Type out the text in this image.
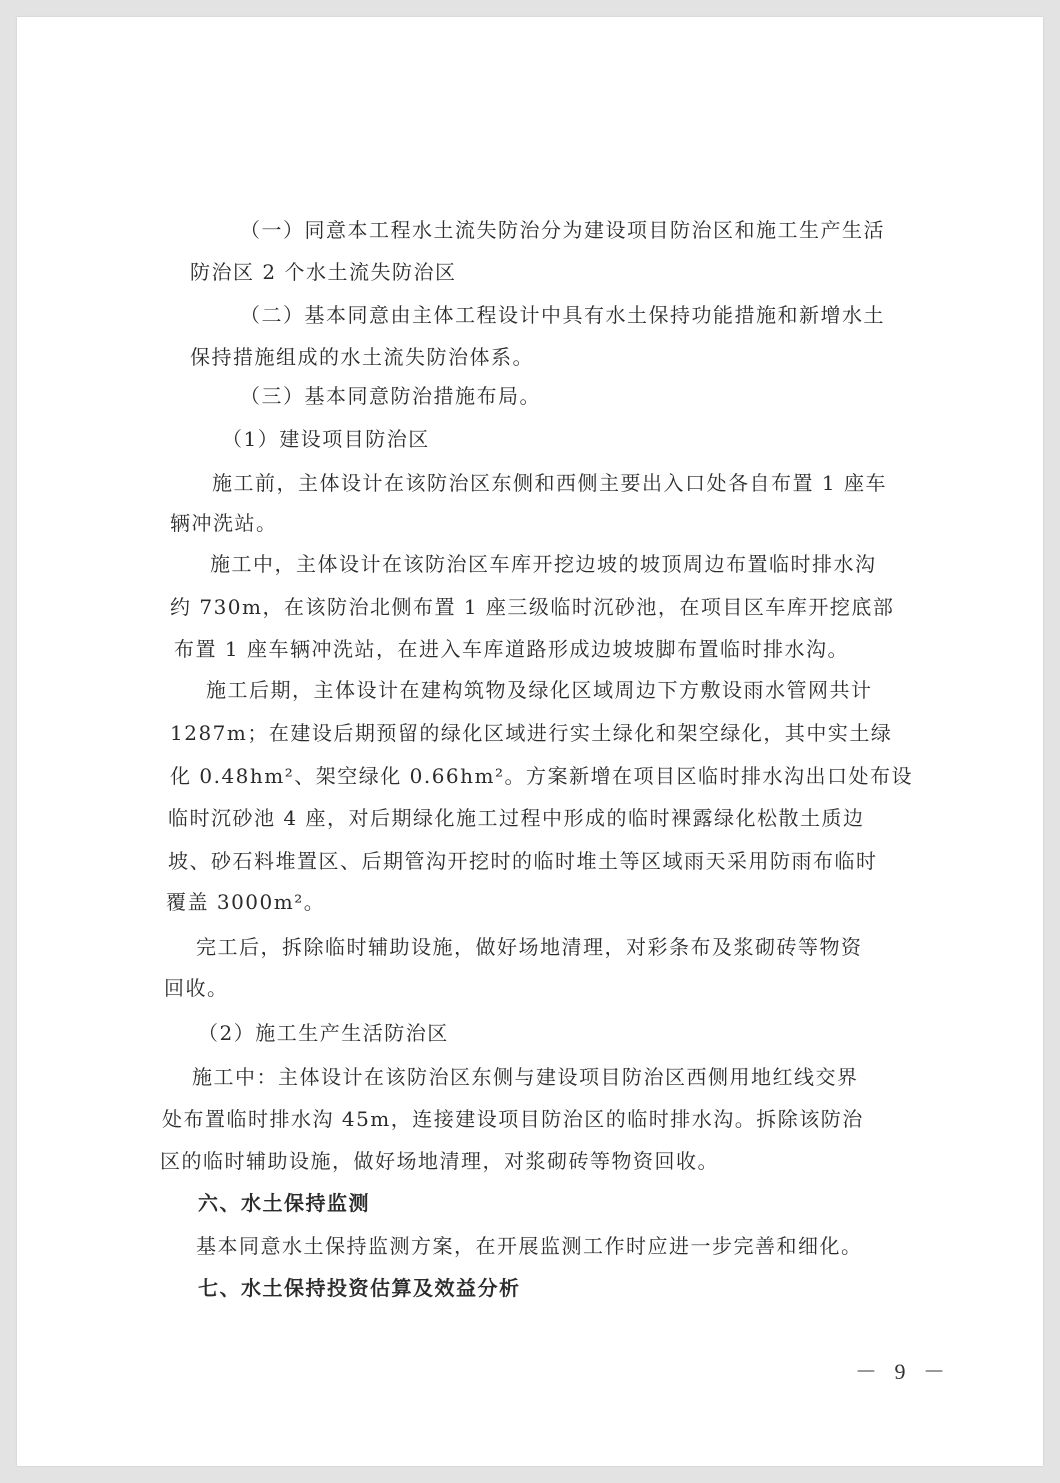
（一）同意本工程水土流失防治分为建设项目防治区和施工生产生活
防治区 2 个水土流失防治区
（二）基本同意由主体工程设计中具有水土保持功能措施和新增水土
保持措施组成的水土流失防治体系。
（三）基本同意防治措施布局。
（1）建设项目防治区
施工前，主体设计在该防治区东侧和西侧主要出入口处各自布置 1 座车
辆冲洗站。
施工中，主体设计在该防治区车库开挖边坡的坡顶周边布置临时排水沟
约 730m，在该防治北侧布置 1 座三级临时沉砂池，在项目区车库开挖底部
布置 1 座车辆冲洗站，在进入车库道路形成边坡坡脚布置临时排水沟。
施工后期，主体设计在建构筑物及绿化区域周边下方敷设雨水管网共计
1287m；在建设后期预留的绿化区域进行实土绿化和架空绿化，其中实土绿
化 0.48hm²、架空绿化 0.66hm²。方案新增在项目区临时排水沟出口处布设
临时沉砂池 4 座，对后期绿化施工过程中形成的临时裸露绿化松散土质边
坡、砂石料堆置区、后期管沟开挖时的临时堆土等区域雨天采用防雨布临时
覆盖 3000m²。
完工后，拆除临时辅助设施，做好场地清理，对彩条布及浆砌砖等物资
回收。
（2）施工生产生活防治区
施工中：主体设计在该防治区东侧与建设项目防治区西侧用地红线交界
处布置临时排水沟 45m，连接建设项目防治区的临时排水沟。拆除该防治
区的临时辅助设施，做好场地清理，对浆砌砖等物资回收。
六、水土保持监测
基本同意水土保持监测方案，在开展监测工作时应进一步完善和细化。
七、水土保持投资估算及效益分析
－ 9 －
